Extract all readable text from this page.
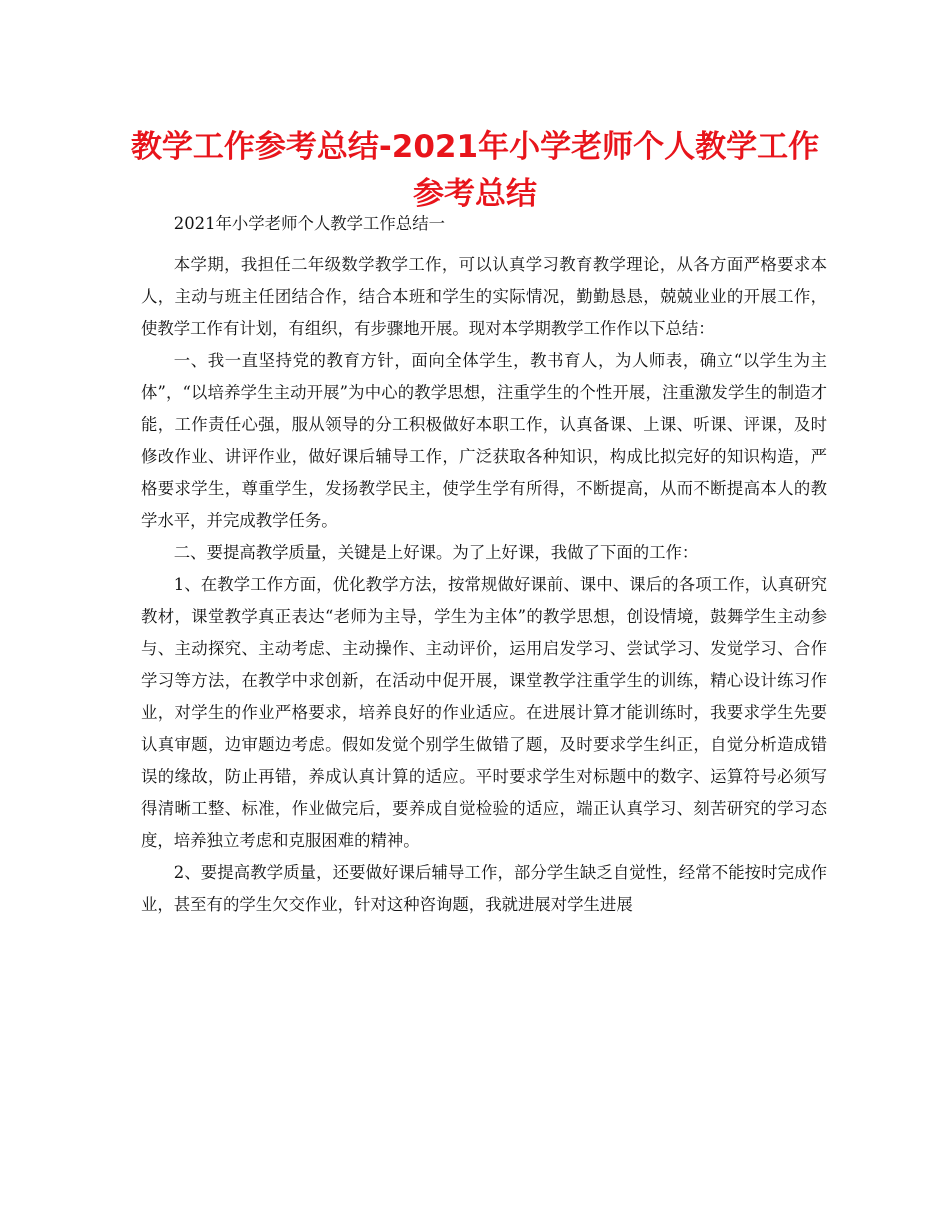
教学工作参考总结-2021年小学老师个人教学工作参考总结

2021年小学老师个人教学工作总结一

本学期，我担任二年级数学教学工作，可以认真学习教育教学理论，从各方面严格要求本人，主动与班主任团结合作，结合本班和学生的实际情况，勤勤恳恳，兢兢业业的开展工作，使教学工作有计划，有组织，有步骤地开展。现对本学期教学工作作以下总结：

一、我一直坚持党的教育方针，面向全体学生，教书育人，为人师表，确立“以学生为主体”，“以培养学生主动开展”为中心的教学思想，注重学生的个性开展，注重激发学生的制造才能，工作责任心强，服从领导的分工积极做好本职工作，认真备课、上课、听课、评课，及时修改作业、讲评作业，做好课后辅导工作，广泛获取各种知识，构成比拟完好的知识构造，严格要求学生，尊重学生，发扬教学民主，使学生学有所得，不断提高，从而不断提高本人的教学水平，并完成教学任务。

二、要提高教学质量，关键是上好课。为了上好课，我做了下面的工作：

1、在教学工作方面，优化教学方法，按常规做好课前、课中、课后的各项工作，认真研究教材，课堂教学真正表达“老师为主导，学生为主体”的教学思想，创设情境，鼓舞学生主动参与、主动探究、主动考虑、主动操作、主动评价，运用启发学习、尝试学习、发觉学习、合作学习等方法，在教学中求创新，在活动中促开展，课堂教学注重学生的训练，精心设计练习作业，对学生的作业严格要求，培养良好的作业适应。在进展计算才能训练时，我要求学生先要认真审题，边审题边考虑。假如发觉个别学生做错了题，及时要求学生纠正，自觉分析造成错误的缘故，防止再错，养成认真计算的适应。平时要求学生对标题中的数字、运算符号必须写得清晰工整、标准，作业做完后，要养成自觉检验的适应，端正认真学习、刻苦研究的学习态度，培养独立考虑和克服困难的精神。

2、要提高教学质量，还要做好课后辅导工作，部分学生缺乏自觉性，经常不能按时完成作业，甚至有的学生欠交作业，针对这种咨询题，我就进展对学生进展
